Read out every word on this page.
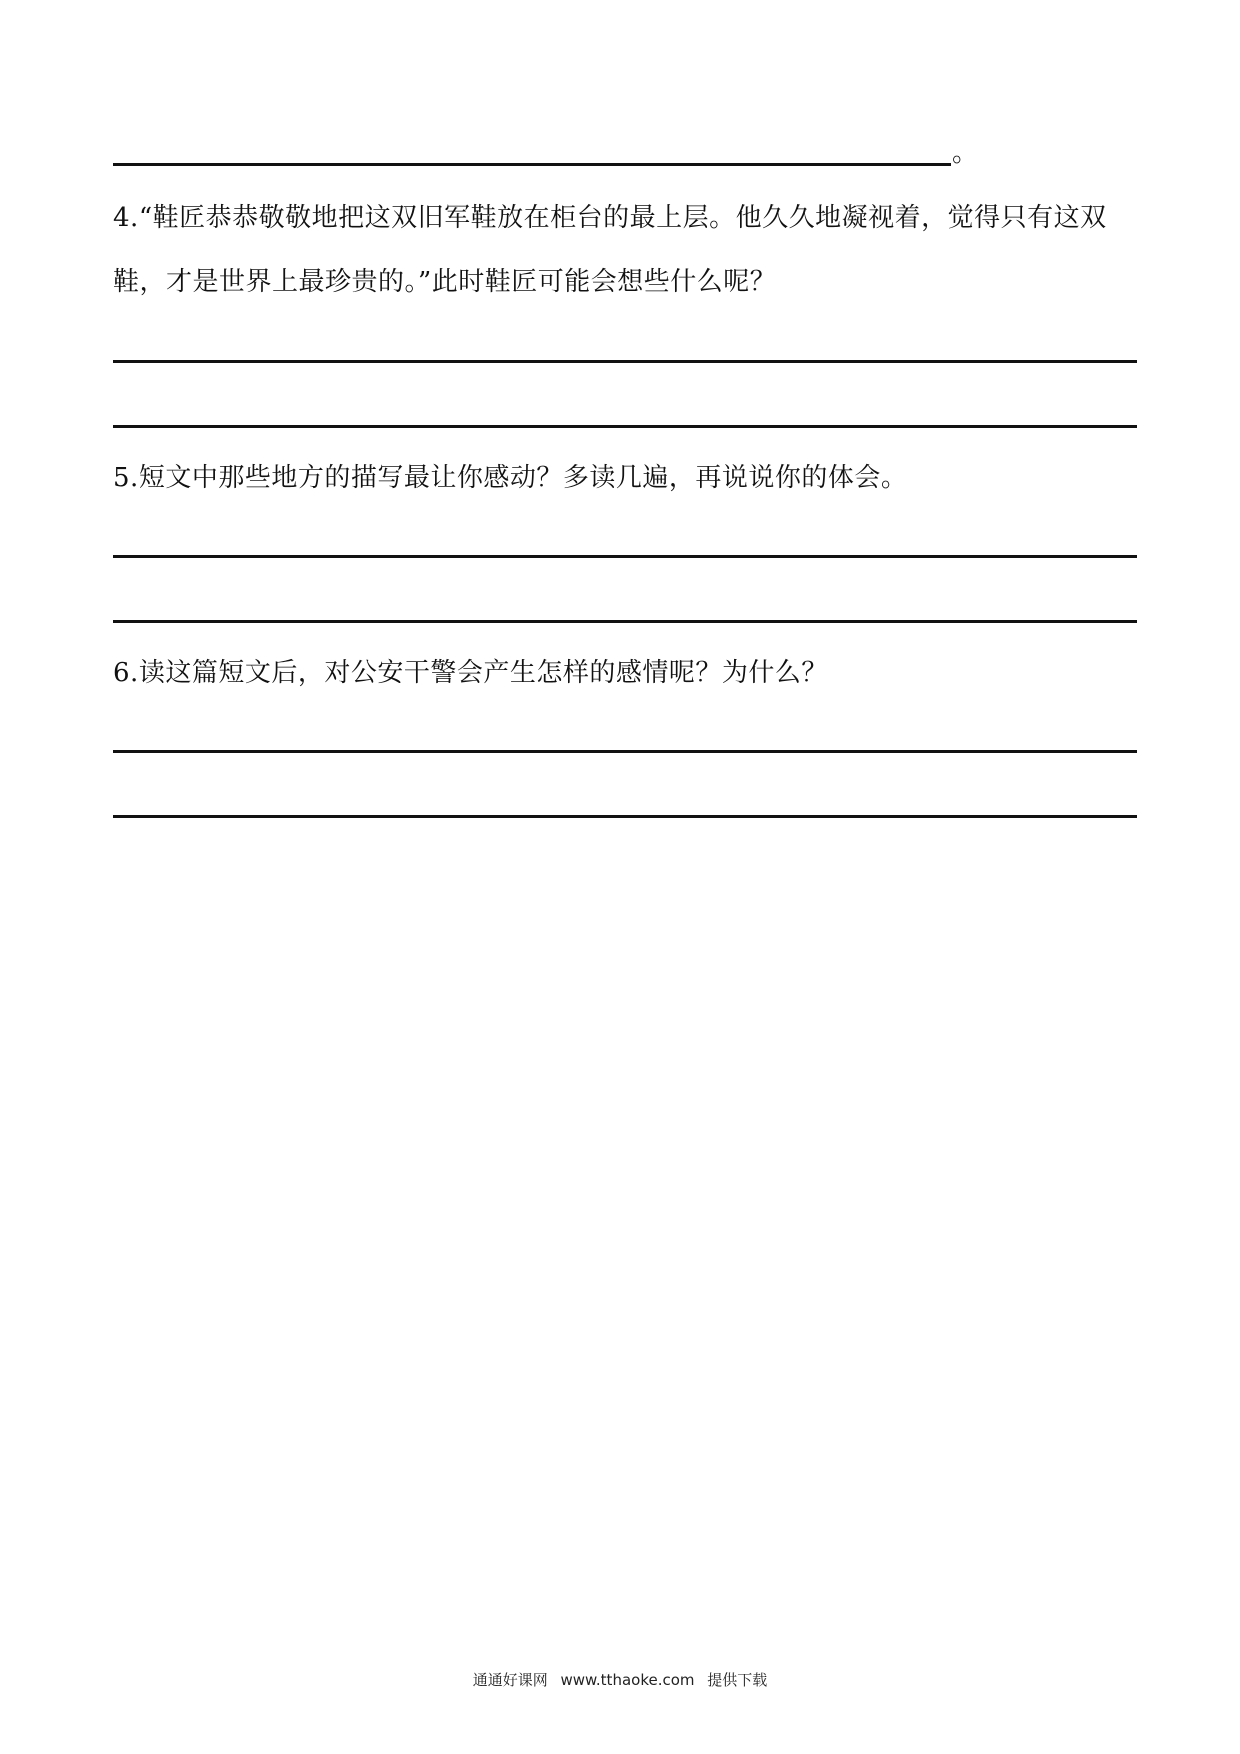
。

4.“鞋匠恭恭敬敬地把这双旧军鞋放在柜台的最上层。他久久地凝视着，觉得只有这双鞋，才是世界上最珍贵的。”此时鞋匠可能会想些什么呢？

5.短文中那些地方的描写最让你感动？多读几遍，再说说你的体会。

6.读这篇短文后，对公安干警会产生怎样的感情呢？为什么？

通通好课网 www.tthaoke.com 提供下载
